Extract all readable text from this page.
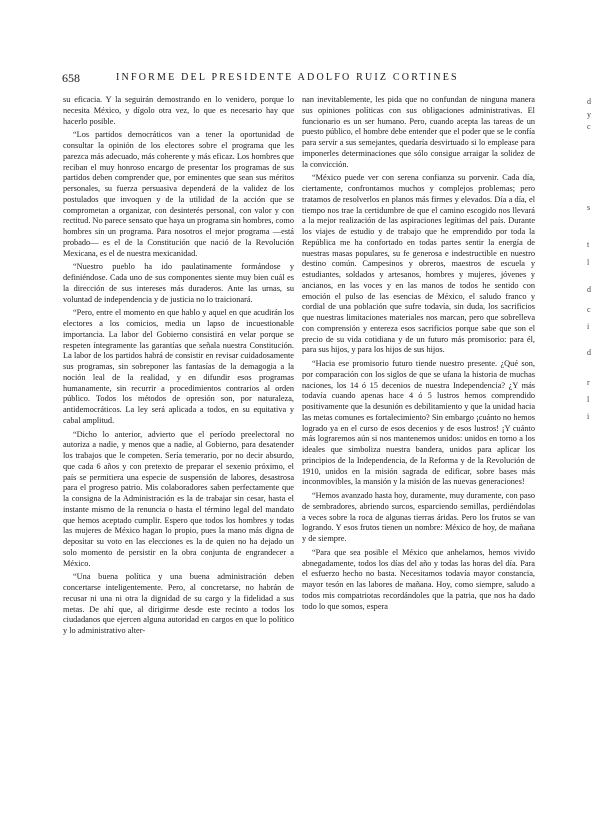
658	INFORME DEL PRESIDENTE ADOLFO RUIZ CORTINES

su eficacia. Y la seguirán demostrando en lo venidero, porque lo necesita México, y dígolo otra vez, lo que es necesario hay que hacerlo posible.

“Los partidos democráticos van a tener la oportunidad de consultar la opinión de los electores sobre el programa que les parezca más adecuado, más coherente y más eficaz. Los hombres que reciban el muy honroso encargo de presentar los programas de sus partidos deben comprender que, por eminentes que sean sus méritos personales, su fuerza persuasiva dependerá de la validez de los postulados que invoquen y de la utilidad de la acción que se comprometan a organizar, con desinterés personal, con valor y con rectitud. No parece sensato que haya un programa sin hombres, como hombres sin un programa. Para nosotros el mejor programa —está probado— es el de la Constitución que nació de la Revolución Mexicana, es el de nuestra mexicanidad.

“Nuestro pueblo ha ido paulatinamente formándose y definiéndose. Cada uno de sus componentes siente muy bien cuál es la dirección de sus intereses más duraderos. Ante las urnas, su voluntad de independencia y de justicia no lo traicionará.

“Pero, entre el momento en que hablo y aquel en que acudirán los electores a los comicios, media un lapso de incuestionable importancia. La labor del Gobierno consistirá en velar porque se respeten íntegramente las garantías que señala nuestra Constitución. La labor de los partidos habrá de consistir en revisar cuidadosamente sus programas, sin sobreponer las fantasías de la demagogia a la noción leal de la realidad, y en difundir esos programas humanamente, sin recurrir a procedimientos contrarios al orden público. Todos los métodos de opresión son, por naturaleza, antidemocráticos. La ley será aplicada a todos, en su equitativa y cabal amplitud.

“Dicho lo anterior, advierto que el período preelectoral no autoriza a nadie, y menos que a nadie, al Gobierno, para desatender los trabajos que le competen. Sería temerario, por no decir absurdo, que cada 6 años y con pretexto de preparar el sexenio próximo, el país se permitiera una especie de suspensión de labores, desastrosa para el progreso patrio. Mis colaboradores saben perfectamente que la consigna de la Administración es la de trabajar sin cesar, hasta el instante mismo de la renuncia o hasta el término legal del mandato que hemos aceptado cumplir. Espero que todos los hombres y todas las mujeres de México hagan lo propio, pues la mano más digna de depositar su voto en las elecciones es la de quien no ha dejado un solo momento de persistir en la obra conjunta de engrandecer a México.

“Una buena política y una buena administración deben concertarse inteligentemente. Pero, al concretarse, no habrán de recusar ni una ni otra la dignidad de su cargo y la fidelidad a sus metas. De ahí que, al dirigirme desde este recinto a todos los ciudadanos que ejercen alguna autoridad en cargos en que lo político y lo administrativo alter-

nan inevitablemente, les pida que no confundan de ninguna manera sus opiniones políticas con sus obligaciones administrativas. El funcionario es un ser humano. Pero, cuando acepta las tareas de un puesto público, el hombre debe entender que el poder que se le confía para servir a sus semejantes, quedaría desvirtuado si lo emplease para imponerles determinaciones que sólo consigue arraigar la solidez de la convicción.

“México puede ver con serena confianza su porvenir. Cada día, ciertamente, confrontamos muchos y complejos problemas; pero tratamos de resolverlos en planos más firmes y elevados. Día a día, el tiempo nos trae la certidumbre de que el camino escogido nos llevará a la mejor realización de las aspiraciones legítimas del país. Durante los viajes de estudio y de trabajo que he emprendido por toda la República me ha confortado en todas partes sentir la energía de nuestras masas populares, su fe generosa e indestructible en nuestro destino común. Campesinos y obreros, maestros de escuela y estudiantes, soldados y artesanos, hombres y mujeres, jóvenes y ancianos, en las voces y en las manos de todos he sentido con emoción el pulso de las esencias de México, el saludo franco y cordial de una población que sufre todavía, sin duda, los sacrificios que nuestras limitaciones materiales nos marcan, pero que sobrelleva con comprensión y entereza esos sacrificios porque sabe que son el precio de su vida cotidiana y de un futuro más promisorio: para él, para sus hijos, y para los hijos de sus hijos.

“Hacia ese promisorio futuro tiende nuestro presente. ¿Qué son, por comparación con los siglos de que se ufana la historia de muchas naciones, los 14 ó 15 decenios de nuestra Independencia? ¿Y más todavía cuando apenas hace 4 ó 5 lustros hemos comprendido positivamente que la desunión es debilitamiento y que la unidad hacia las metas comunes es fortalecimiento? Sin embargo ¡cuánto no hemos logrado ya en el curso de esos decenios y de esos lustros! ¡Y cuánto más lograremos aún si nos mantenemos unidos: unidos en torno a los ideales que simboliza nuestra bandera, unidos para aplicar los principios de la Independencia, de la Reforma y de la Revolución de 1910, unidos en la misión sagrada de edificar, sobre bases más inconmovibles, la mansión y la misión de las nuevas generaciones!

“Hemos avanzado hasta hoy, duramente, muy duramente, con paso de sembradores, abriendo surcos, esparciendo semillas, perdiéndolas a veces sobre la roca de algunas tierras áridas. Pero los frutos se van logrando. Y esos frutos tienen un nombre: México de hoy, de mañana y de siempre.

“Para que sea posible el México que anhelamos, hemos vivido abnegadamente, todos los días del año y todas las horas del día. Para el esfuerzo hecho no basta. Necesitamos todavía mayor constancia, mayor tesón en las labores de mañana. Hoy, como siempre, saludo a todos mis compatriotas recordándoles que la patria, que nos ha dado todo lo que somos, espera

d
y
c
s
t
l
d
c
i
d
r
l
i
